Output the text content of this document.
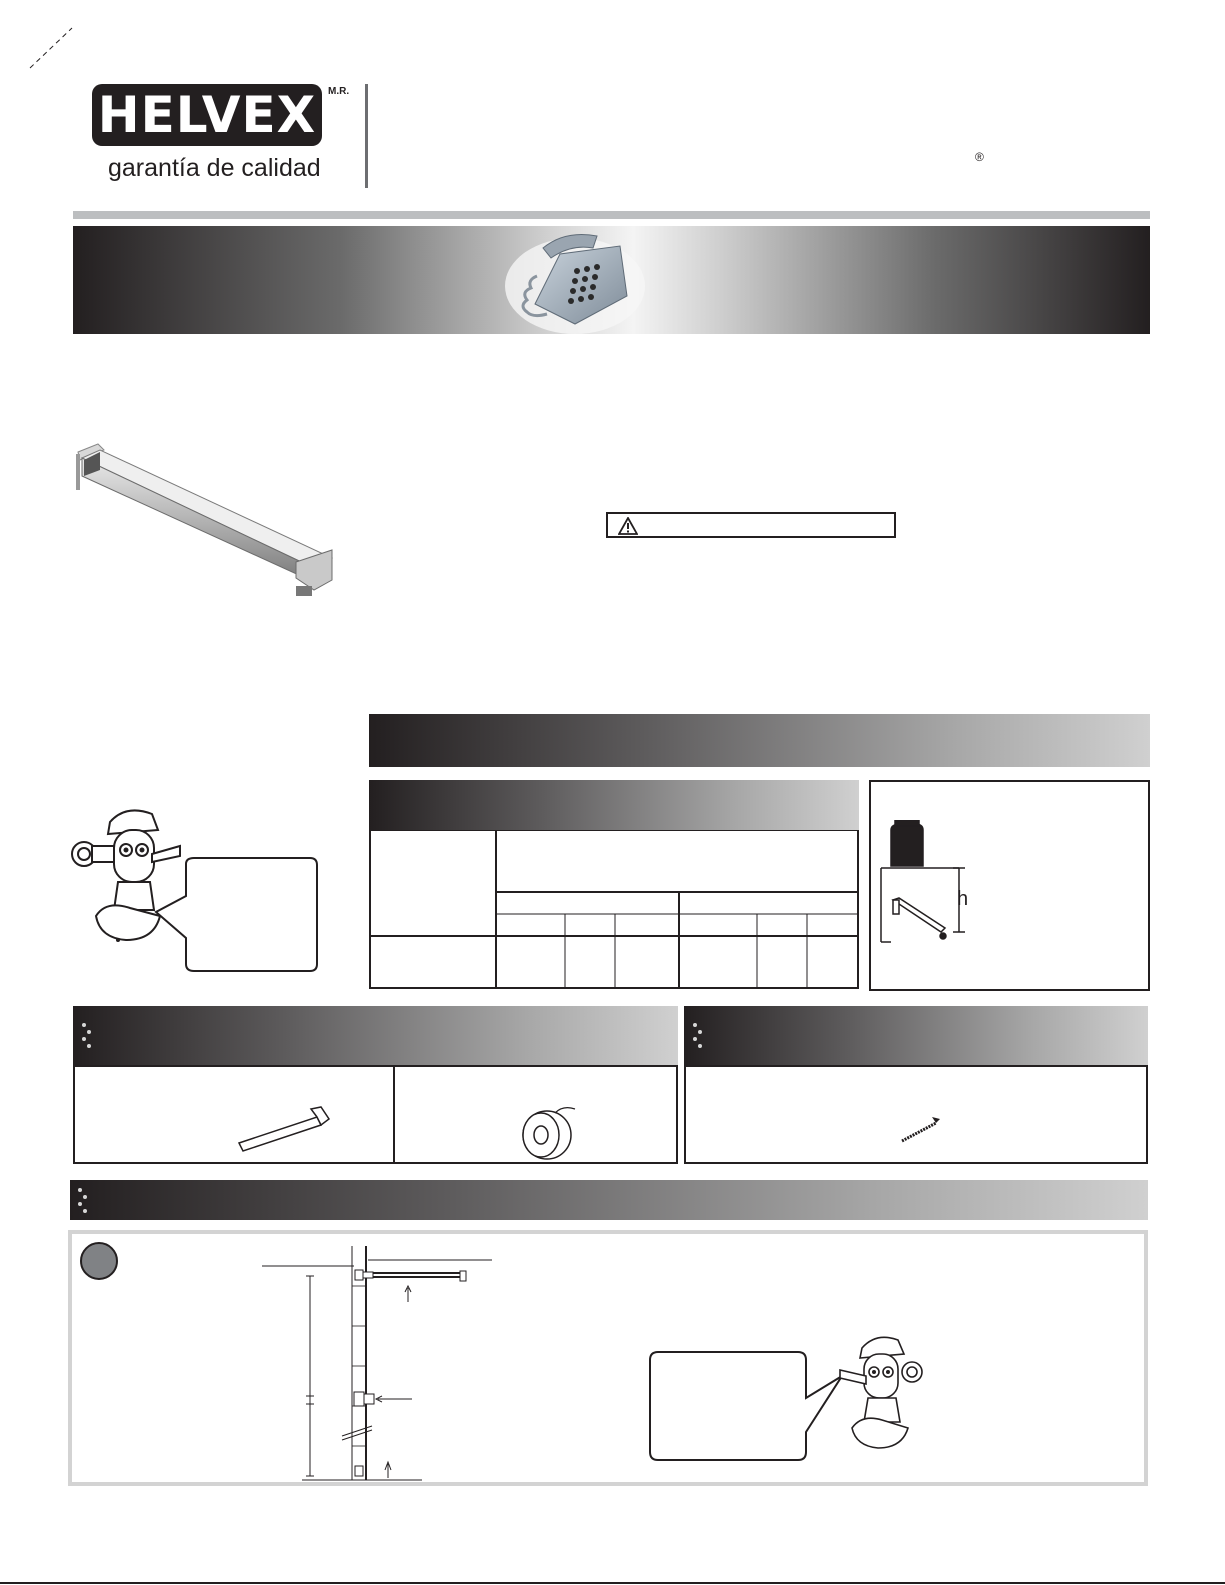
HELVEX	M.R.
garantía de calidad	®
h
